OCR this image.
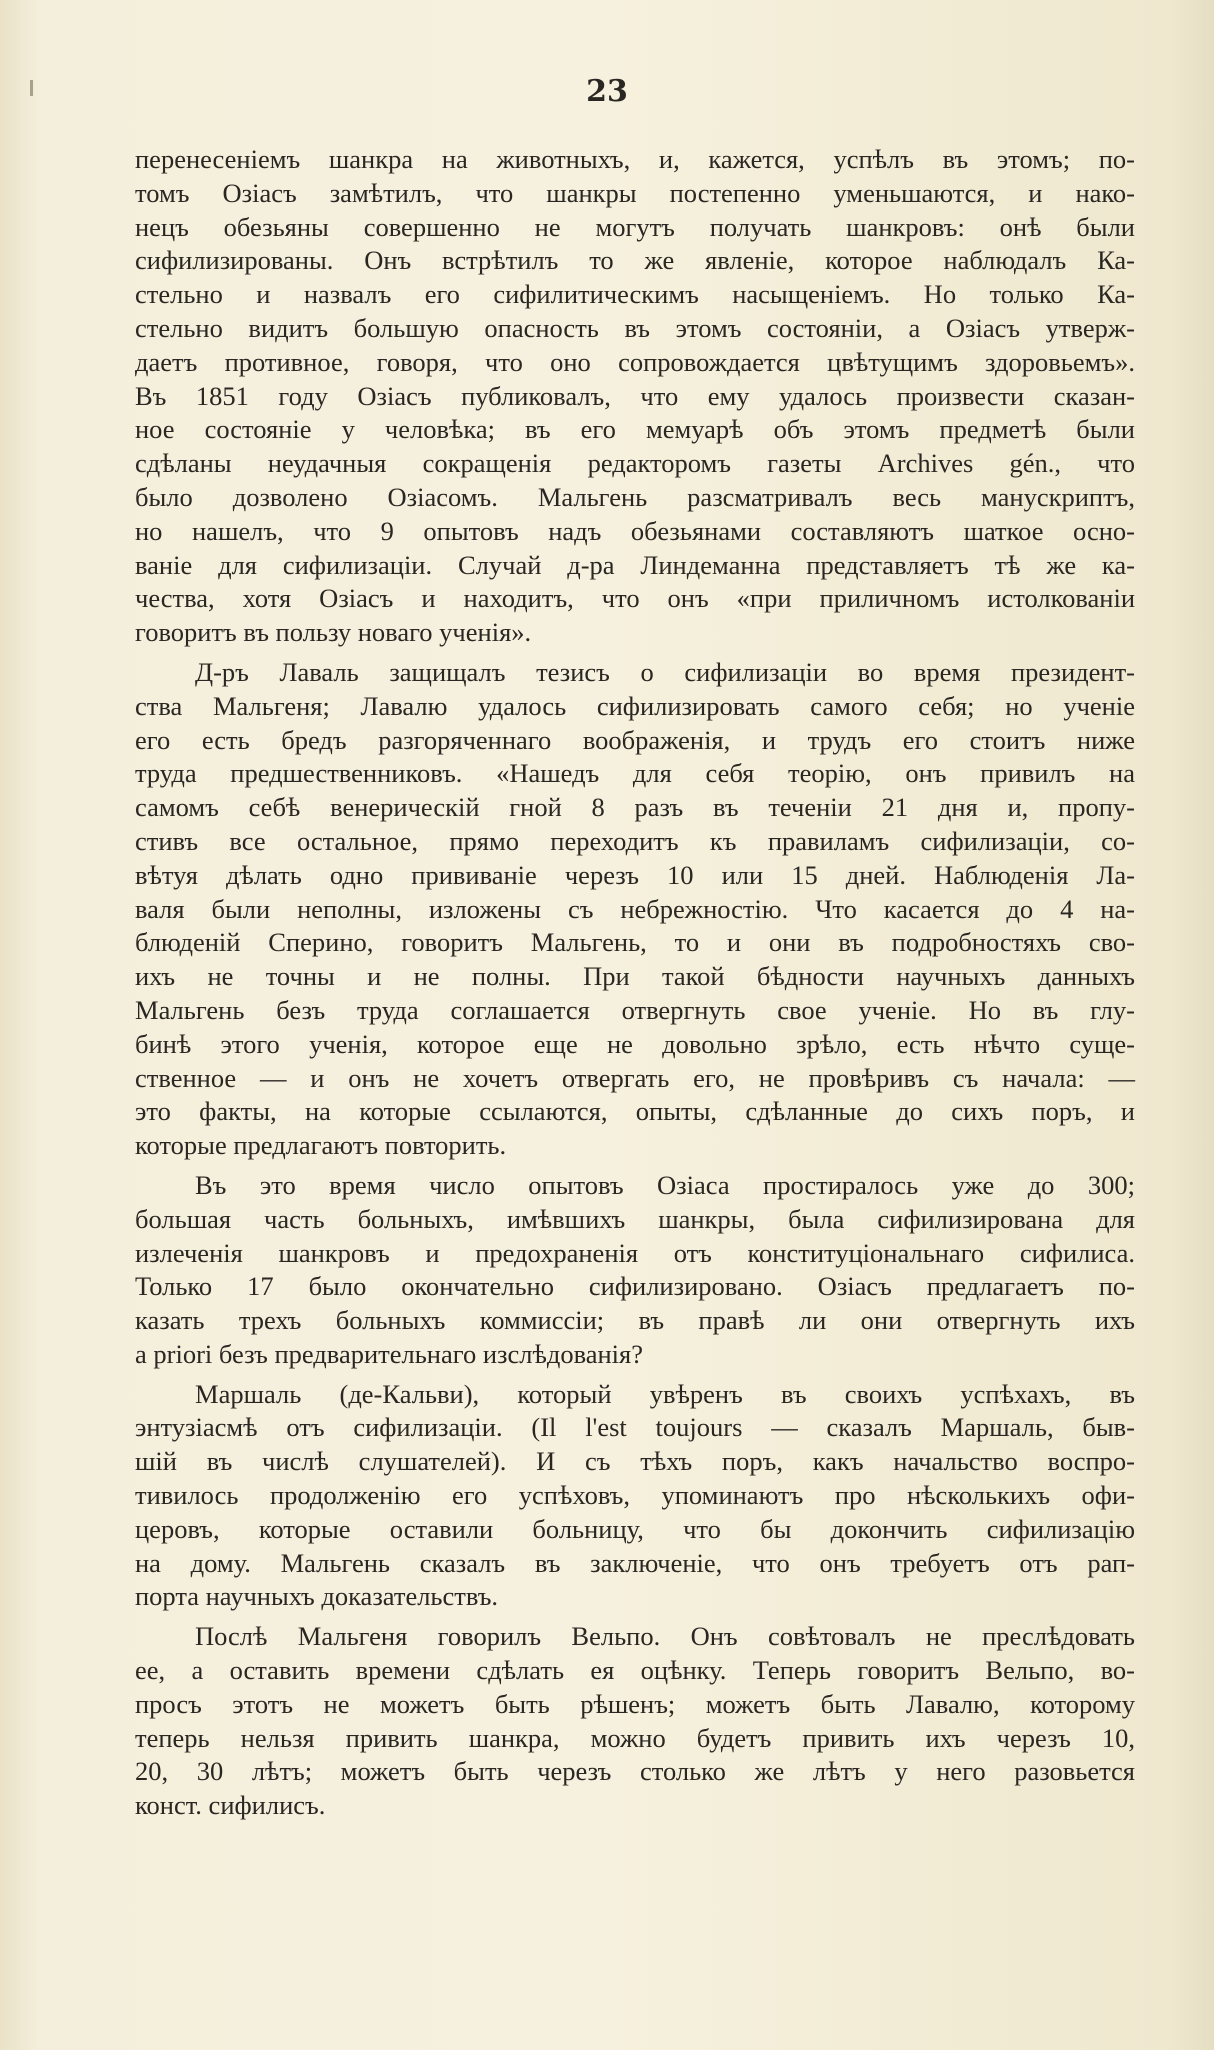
23
перенесеніемъ шанкра на животныхъ, и, кажется, успѣлъ въ этомъ; по-
томъ Озіасъ замѣтилъ, что шанкры постепенно уменьшаются, и нако-
нецъ обезьяны совершенно не могутъ получать шанкровъ: онѣ были
сифилизированы. Онъ встрѣтилъ то же явленіе, которое наблюдалъ Ка-
стельно и назвалъ его сифилитическимъ насыщеніемъ. Но только Ка-
стельно видитъ большую опасность въ этомъ состояніи, а Озіасъ утверж-
даетъ противное, говоря, что оно сопровождается цвѣтущимъ здоровьемъ».
Въ 1851 году Озіасъ публиковалъ, что ему удалось произвести сказан-
ное состояніе у человѣка; въ его мемуарѣ объ этомъ предметѣ были
сдѣланы неудачныя сокращенія редакторомъ газеты Archives gén., что
было дозволено Озіасомъ. Мальгень разсматривалъ весь манускриптъ,
но нашелъ, что 9 опытовъ надъ обезьянами составляютъ шаткое осно-
ваніе для сифилизаціи. Случай д-ра Линдеманна представляетъ тѣ же ка-
чества, хотя Озіасъ и находитъ, что онъ «при приличномъ истолкованіи
говоритъ въ пользу новаго ученія».
Д-ръ Лаваль защищалъ тезисъ о сифилизаціи во время президент-
ства Мальгеня; Лавалю удалось сифилизировать самого себя; но ученіе
его есть бредъ разгоряченнаго воображенія, и трудъ его стоитъ ниже
труда предшественниковъ. «Нашедъ для себя теорію, онъ привилъ на
самомъ себѣ венерическій гной 8 разъ въ теченіи 21 дня и, пропу-
стивъ все остальное, прямо переходитъ къ правиламъ сифилизаціи, со-
вѣтуя дѣлать одно прививаніе черезъ 10 или 15 дней. Наблюденія Ла-
валя были неполны, изложены съ небрежностію. Что касается до 4 на-
блюденій Сперино, говоритъ Мальгень, то и они въ подробностяхъ сво-
ихъ не точны и не полны. При такой бѣдности научныхъ данныхъ
Мальгень безъ труда соглашается отвергнуть свое ученіе. Но въ глу-
бинѣ этого ученія, которое еще не довольно зрѣло, есть нѣчто суще-
ственное — и онъ не хочетъ отвергать его, не провѣривъ съ начала: —
это факты, на которые ссылаются, опыты, сдѣланные до сихъ поръ, и
которые предлагаютъ повторить.
Въ это время число опытовъ Озіаса простиралось уже до 300;
большая часть больныхъ, имѣвшихъ шанкры, была сифилизирована для
излеченія шанкровъ и предохраненія отъ конституціональнаго сифилиса.
Только 17 было окончательно сифилизировано. Озіасъ предлагаетъ по-
казать трехъ больныхъ коммиссіи; въ правѣ ли они отвергнуть ихъ
a priori безъ предварительнаго изслѣдованія?
Маршаль (де-Кальви), который увѣренъ въ своихъ успѣхахъ, въ
энтузіасмѣ отъ сифилизаціи. (Il l'est toujours — сказалъ Маршаль, быв-
шій въ числѣ слушателей). И съ тѣхъ поръ, какъ начальство воспро-
тивилось продолженію его успѣховъ, упоминаютъ про нѣсколькихъ офи-
церовъ, которые оставили больницу, что бы докончить сифилизацію
на дому. Мальгень сказалъ въ заключеніе, что онъ требуетъ отъ рап-
порта научныхъ доказательствъ.
Послѣ Мальгеня говорилъ Вельпо. Онъ совѣтовалъ не преслѣдовать
ее, а оставить времени сдѣлать ея оцѣнку. Теперь говоритъ Вельпо, во-
просъ этотъ не можетъ быть рѣшенъ; можетъ быть Лавалю, которому
теперь нельзя привить шанкра, можно будетъ привить ихъ черезъ 10,
20, 30 лѣтъ; можетъ быть черезъ столько же лѣтъ у него разовьется
конст. сифилисъ.
